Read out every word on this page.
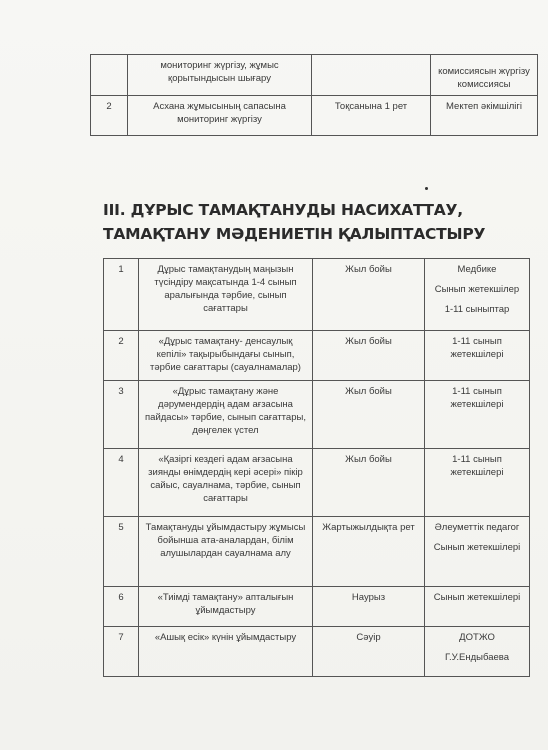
	мониторинг жүргізу, жұмыс қорытындысын шығару		комиссиясын жүргізу комиссиясы
2	Асхана жұмысының сапасына мониторинг жүргізу	Тоқсанына 1 рет	Мектеп әкімшілігі
III. ДҰРЫС ТАМАҚТАНУДЫ НАСИХАТТАУ, ТАМАҚТАНУ МӘДЕНИЕТІН ҚАЛЫПТАСТЫРУ
1	Дұрыс тамақтанудың маңызын түсіндіру мақсатында 1-4 сынып аралығында тәрбие, сынып сағаттары	Жыл бойы	Медбике

Сынып жетекшілер

1-11 сыныптар

2	«Дұрыс тамақтану- денсаулық кепілі» тақырыбындағы сынып, тәрбие сағаттары (сауалнамалар)	Жыл бойы	1-11 сынып жетекшілері

3	«Дұрыс тамақтану және дәрумендердің адам ағзасына пайдасы» тәрбие, сынып сағаттары, дөңгелек үстел	Жыл бойы	1-11 сынып жетекшілері

4	«Қазіргі кездегі адам ағзасына зиянды өнімдердің кері әсері» пікір сайыс, сауалнама, тәрбие, сынып сағаттары	Жыл бойы	1-11 сынып жетекшілері

5	Тамақтануды ұйымдастыру жұмысы бойынша ата-аналардан, білім алушылардан сауалнама алу	Жартыжылдықта рет	Әлеуметтік педагог

Сынып жетекшілері

6	«Тиімді тамақтану» апталығын ұйымдастыру	Наурыз	Сынып жетекшілері

7	«Ашық есік» күнін ұйымдастыру	Сәуір	ДОТЖО

Г.У.Ендыбаева
